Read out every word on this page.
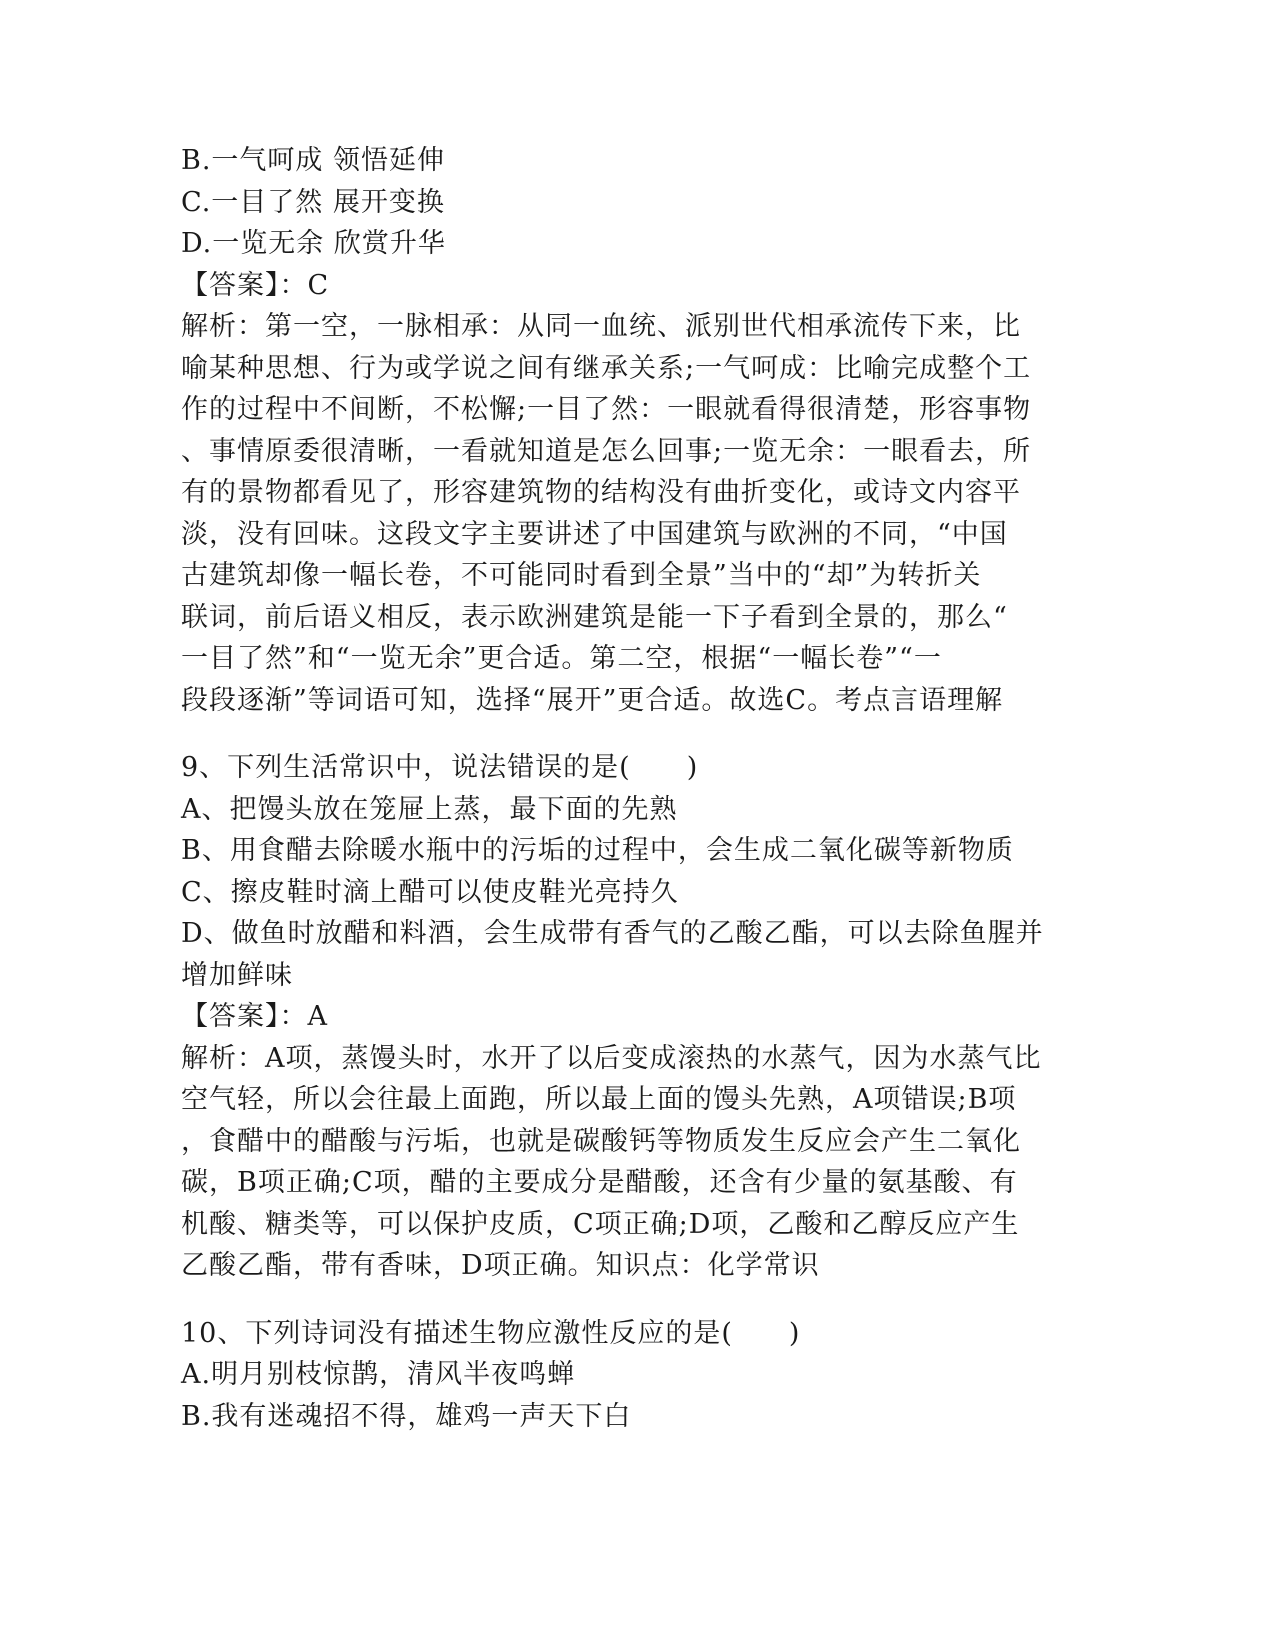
B.一气呵成 领悟延伸
C.一目了然 展开变换
D.一览无余 欣赏升华
【答案】：C
解析：第一空，一脉相承：从同一血统、派别世代相承流传下来，比
喻某种思想、行为或学说之间有继承关系;一气呵成：比喻完成整个工
作的过程中不间断，不松懈;一目了然：一眼就看得很清楚，形容事物
、事情原委很清晰，一看就知道是怎么回事;一览无余：一眼看去，所
有的景物都看见了，形容建筑物的结构没有曲折变化，或诗文内容平
淡，没有回味。这段文字主要讲述了中国建筑与欧洲的不同，“中国
古建筑却像一幅长卷，不可能同时看到全景”当中的“却”为转折关
联词，前后语义相反，表示欧洲建筑是能一下子看到全景的，那么“
一目了然”和“一览无余”更合适。第二空，根据“一幅长卷”“一
段段逐渐”等词语可知，选择“展开”更合适。故选C。考点言语理解
9、下列生活常识中，说法错误的是(　　)
A、把馒头放在笼屉上蒸，最下面的先熟
B、用食醋去除暖水瓶中的污垢的过程中，会生成二氧化碳等新物质
C、擦皮鞋时滴上醋可以使皮鞋光亮持久
D、做鱼时放醋和料酒，会生成带有香气的乙酸乙酯，可以去除鱼腥并
增加鲜味
【答案】：A
解析：A项，蒸馒头时，水开了以后变成滚热的水蒸气，因为水蒸气比
空气轻，所以会往最上面跑，所以最上面的馒头先熟，A项错误;B项
，食醋中的醋酸与污垢，也就是碳酸钙等物质发生反应会产生二氧化
碳，B项正确;C项，醋的主要成分是醋酸，还含有少量的氨基酸、有
机酸、糖类等，可以保护皮质，C项正确;D项，乙酸和乙醇反应产生
乙酸乙酯，带有香味，D项正确。知识点：化学常识
10、下列诗词没有描述生物应激性反应的是(　　)
A.明月别枝惊鹊，清风半夜鸣蝉
B.我有迷魂招不得，雄鸡一声天下白
